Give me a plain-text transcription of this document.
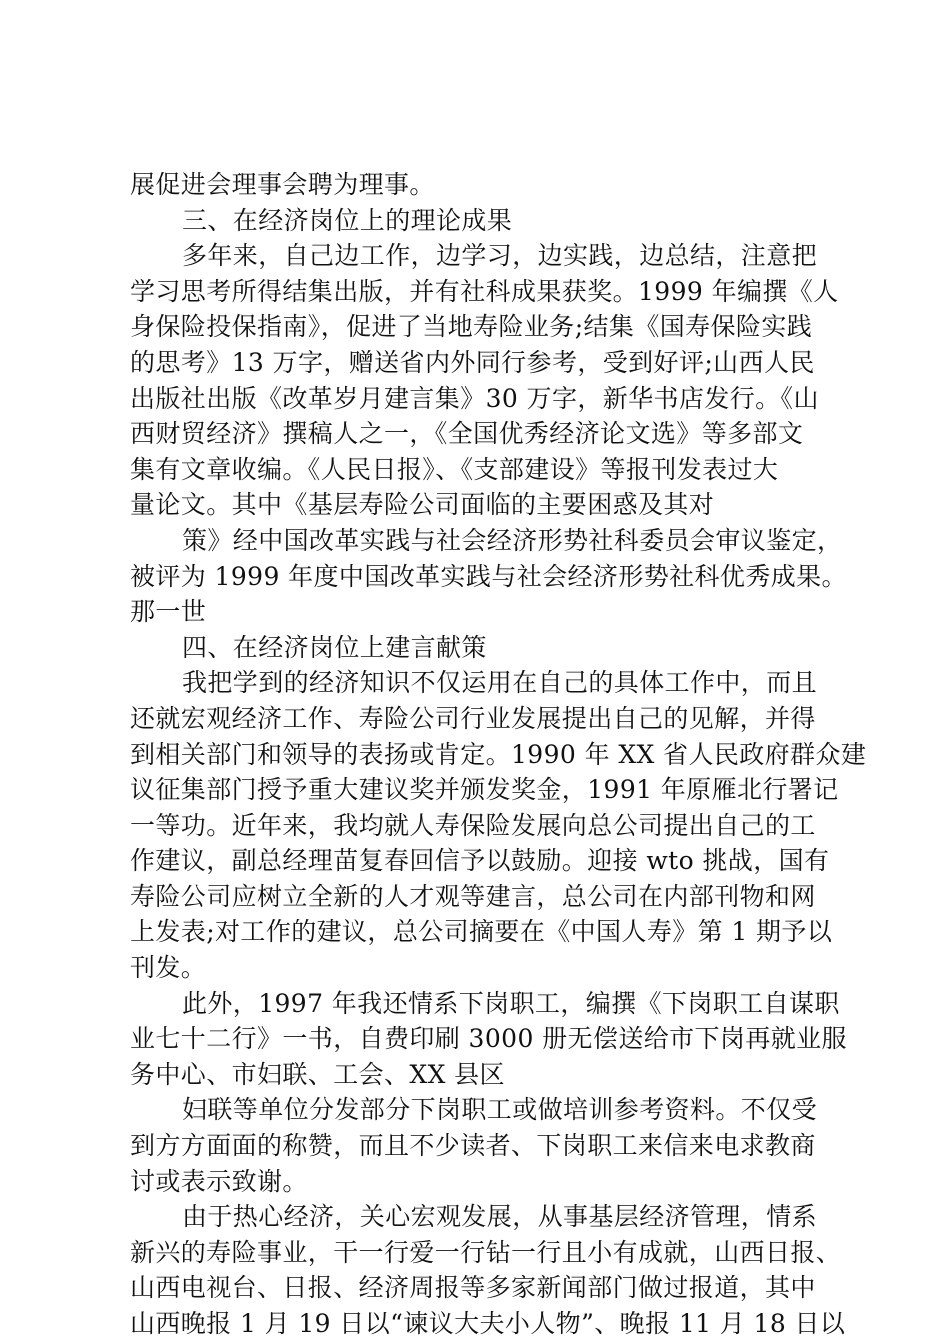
展促进会理事会聘为理事。
三、在经济岗位上的理论成果
多年来，自己边工作，边学习，边实践，边总结，注意把
学习思考所得结集出版，并有社科成果获奖。1999 年编撰《人
身保险投保指南》，促进了当地寿险业务;结集《国寿保险实践
的思考》13 万字，赠送省内外同行参考，受到好评;山西人民
出版社出版《改革岁月建言集》30 万字，新华书店发行。《山
西财贸经济》撰稿人之一，《全国优秀经济论文选》等多部文
集有文章收编。《人民日报》、《支部建设》等报刊发表过大
量论文。其中《基层寿险公司面临的主要困惑及其对
策》经中国改革实践与社会经济形势社科委员会审议鉴定，
被评为 1999 年度中国改革实践与社会经济形势社科优秀成果。
那一世
四、在经济岗位上建言献策
我把学到的经济知识不仅运用在自己的具体工作中，而且
还就宏观经济工作、寿险公司行业发展提出自己的见解，并得
到相关部门和领导的表扬或肯定。1990 年 XX 省人民政府群众建
议征集部门授予重大建议奖并颁发奖金，1991 年原雁北行署记
一等功。近年来，我均就人寿保险发展向总公司提出自己的工
作建议，副总经理苗复春回信予以鼓励。迎接 wto 挑战，国有
寿险公司应树立全新的人才观等建言，总公司在内部刊物和网
上发表;对工作的建议，总公司摘要在《中国人寿》第 1 期予以
刊发。
此外，1997 年我还情系下岗职工，编撰《下岗职工自谋职
业七十二行》一书，自费印刷 3000 册无偿送给市下岗再就业服
务中心、市妇联、工会、XX 县区
妇联等单位分发部分下岗职工或做培训参考资料。不仅受
到方方面面的称赞，而且不少读者、下岗职工来信来电求教商
讨或表示致谢。
由于热心经济，关心宏观发展，从事基层经济管理，情系
新兴的寿险事业，干一行爱一行钻一行且小有成就，山西日报、
山西电视台、日报、经济周报等多家新闻部门做过报道，其中
山西晚报 1 月 19 日以“谏议大夫小人物”、晚报 11 月 18 日以
